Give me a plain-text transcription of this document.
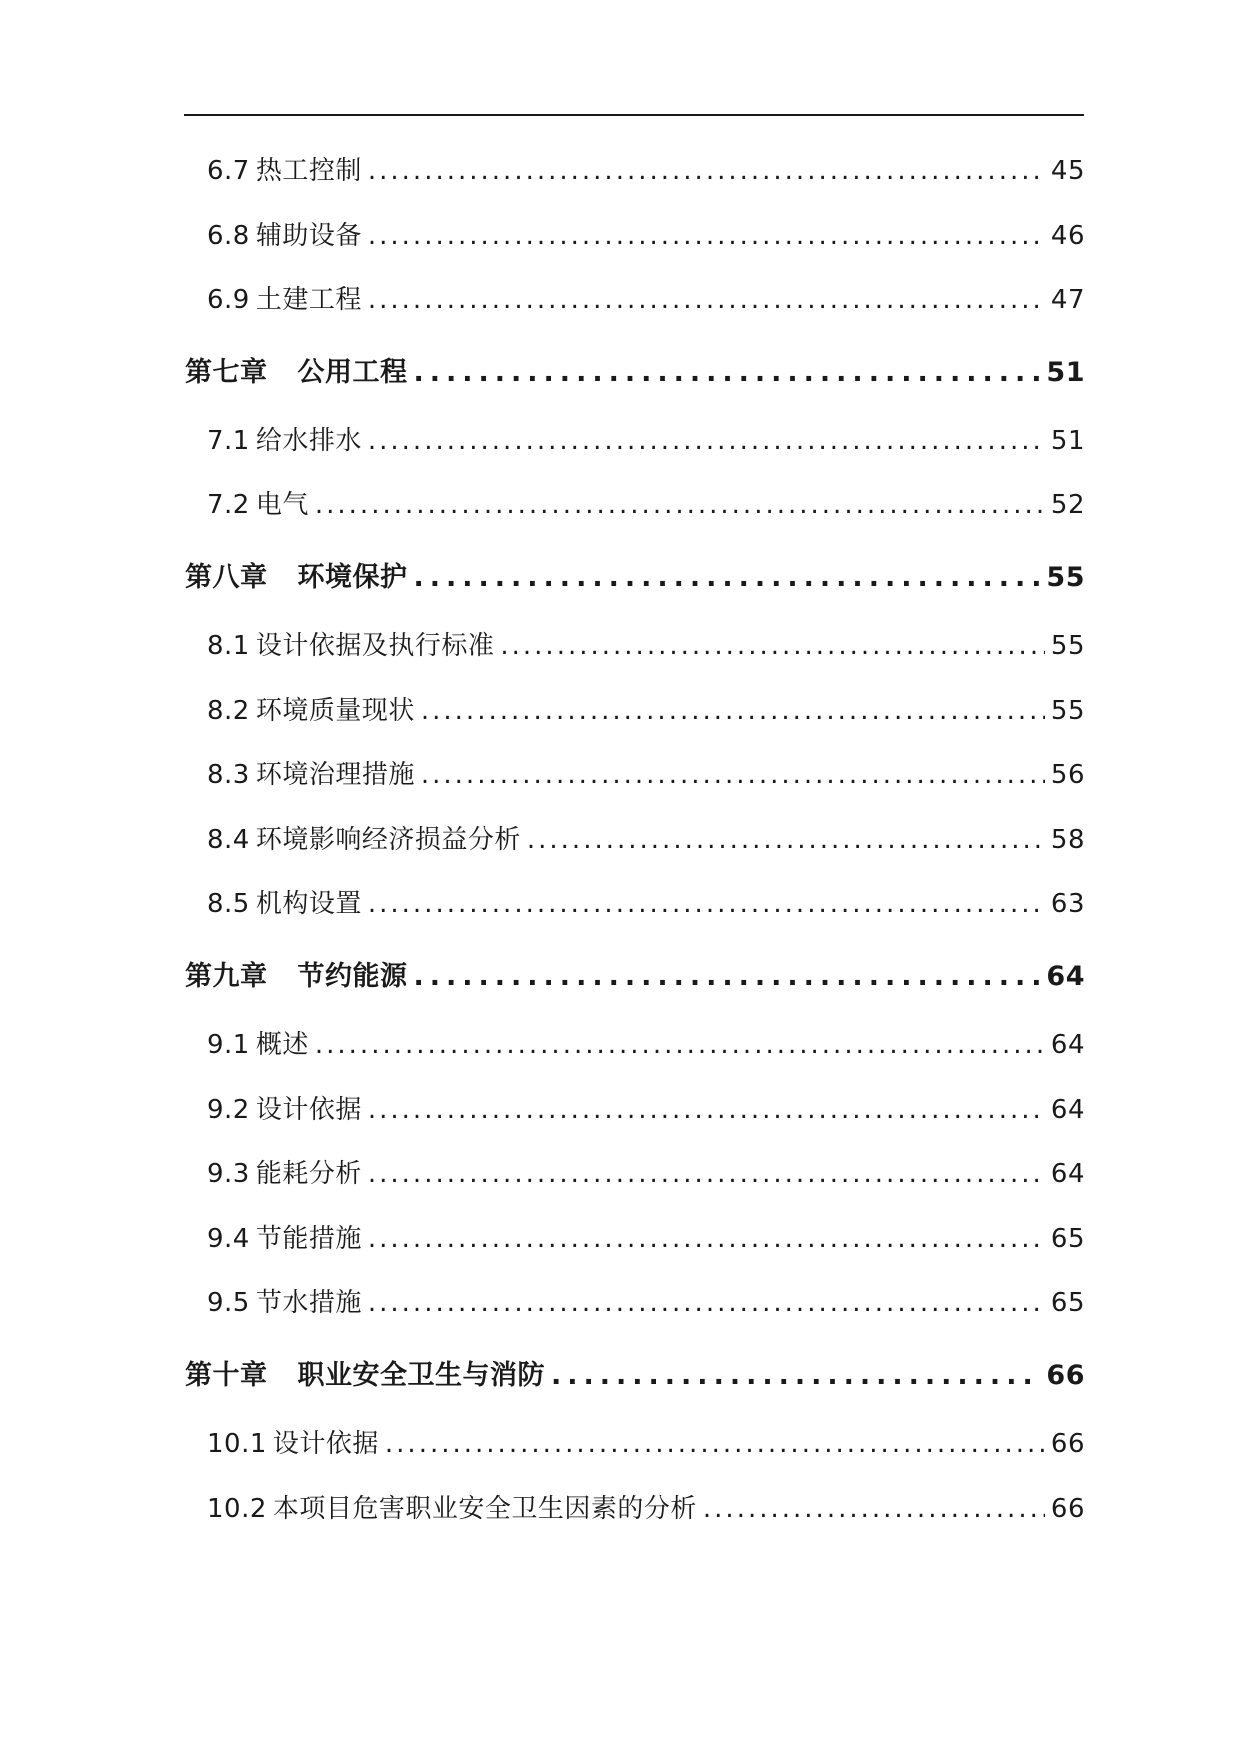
6.7 热工控制 .....	45
6.8 辅助设备 .....	46
6.9 土建工程 .....	47
第七章 公用工程 .....	51
7.1 给水排水 .....	51
7.2 电气 .....	52
第八章 环境保护 .....	55
8.1 设计依据及执行标准 .....	55
8.2 环境质量现状 .....	55
8.3 环境治理措施 .....	56
8.4 环境影响经济损益分析 .....	58
8.5 机构设置 .....	63
第九章 节约能源 .....	64
9.1 概述 .....	64
9.2 设计依据 .....	64
9.3 能耗分析 .....	64
9.4 节能措施 .....	65
9.5 节水措施 .....	65
第十章 职业安全卫生与消防 .....	66
10.1 设计依据 .....	66
10.2 本项目危害职业安全卫生因素的分析 .....	66
